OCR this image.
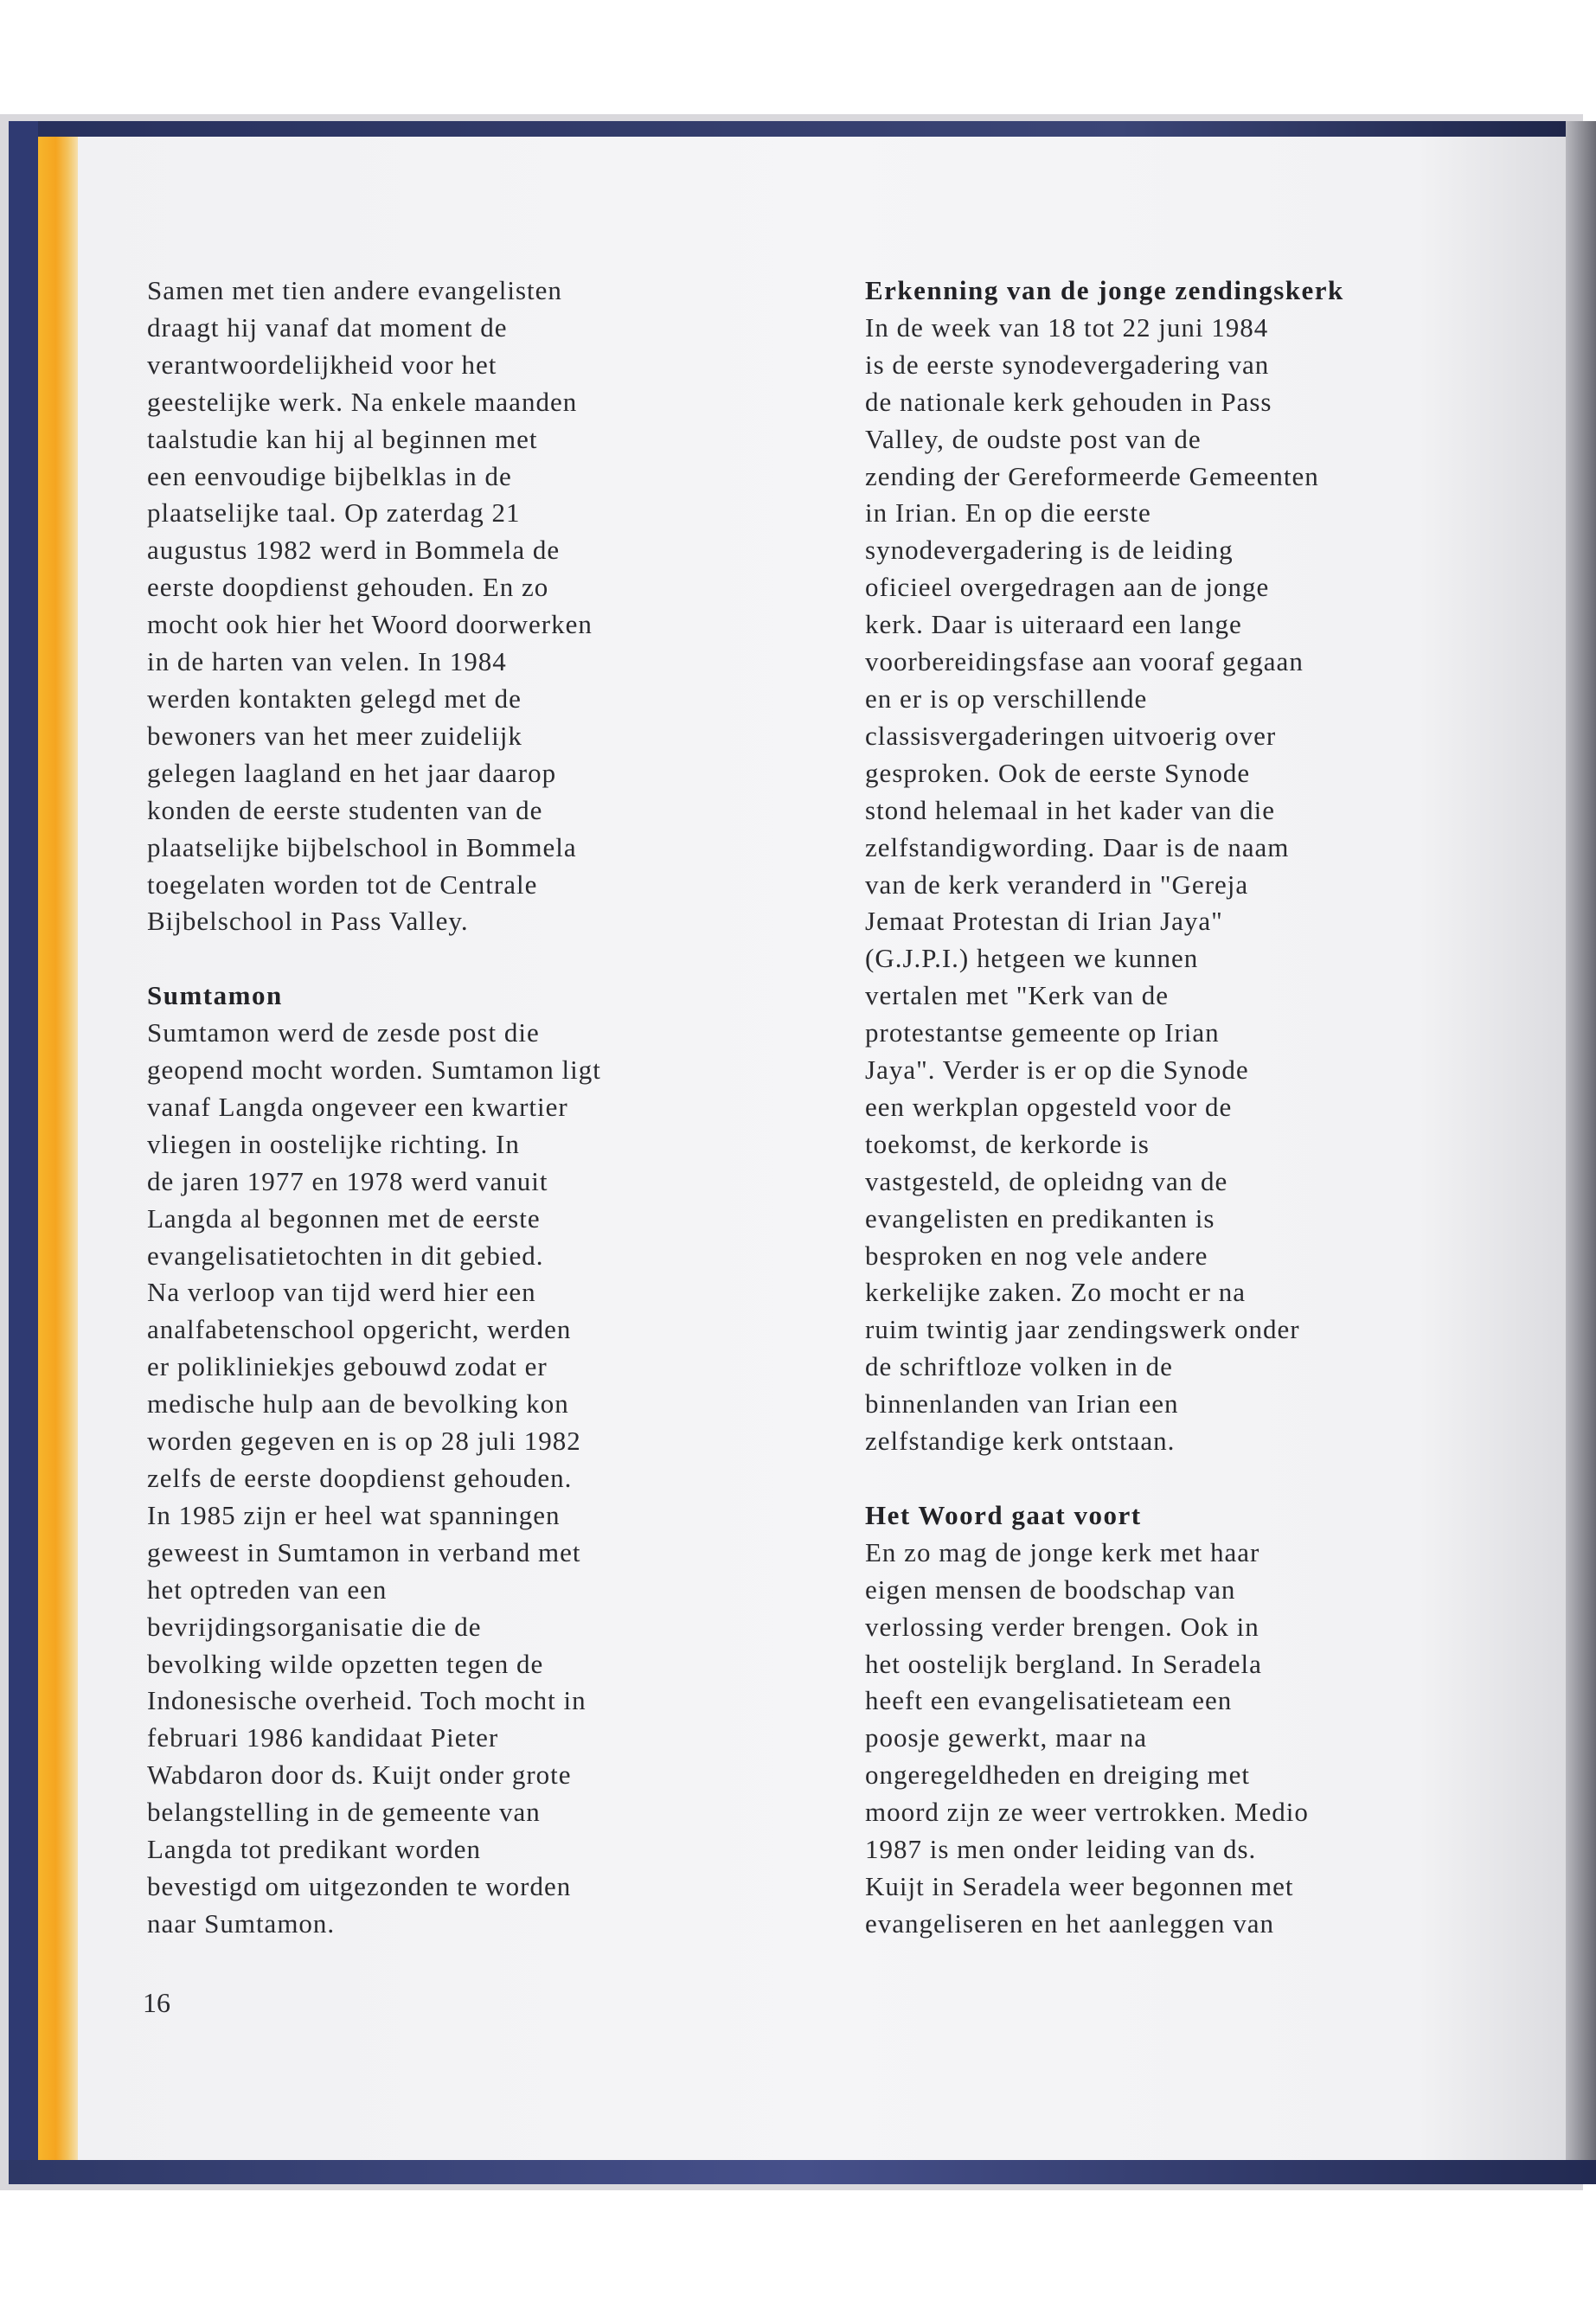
Samen met tien andere evangelisten
draagt hij vanaf dat moment de
verantwoordelijkheid voor het
geestelijke werk. Na enkele maanden
taalstudie kan hij al beginnen met
een eenvoudige bijbelklas in de
plaatselijke taal. Op zaterdag 21
augustus 1982 werd in Bommela de
eerste doopdienst gehouden. En zo
mocht ook hier het Woord doorwerken
in de harten van velen. In 1984
werden kontakten gelegd met de
bewoners van het meer zuidelijk
gelegen laagland en het jaar daarop
konden de eerste studenten van de
plaatselijke bijbelschool in Bommela
toegelaten worden tot de Centrale
Bijbelschool in Pass Valley.

Sumtamon

Sumtamon werd de zesde post die
geopend mocht worden. Sumtamon ligt
vanaf Langda ongeveer een kwartier
vliegen in oostelijke richting. In
de jaren 1977 en 1978 werd vanuit
Langda al begonnen met de eerste
evangelisatietochten in dit gebied.
Na verloop van tijd werd hier een
analfabetenschool opgericht, werden
er polikliniekjes gebouwd zodat er
medische hulp aan de bevolking kon
worden gegeven en is op 28 juli 1982
zelfs de eerste doopdienst gehouden.
In 1985 zijn er heel wat spanningen
geweest in Sumtamon in verband met
het optreden van een
bevrijdingsorganisatie die de
bevolking wilde opzetten tegen de
Indonesische overheid. Toch mocht in
februari 1986 kandidaat Pieter
Wabdaron door ds. Kuijt onder grote
belangstelling in de gemeente van
Langda tot predikant worden
bevestigd om uitgezonden te worden
naar Sumtamon.

Erkenning van de jonge zendingskerk

In de week van 18 tot 22 juni 1984
is de eerste synodevergadering van
de nationale kerk gehouden in Pass
Valley, de oudste post van de
zending der Gereformeerde Gemeenten
in Irian. En op die eerste
synodevergadering is de leiding
oficieel overgedragen aan de jonge
kerk. Daar is uiteraard een lange
voorbereidingsfase aan vooraf gegaan
en er is op verschillende
classisvergaderingen uitvoerig over
gesproken. Ook de eerste Synode
stond helemaal in het kader van die
zelfstandigwording. Daar is de naam
van de kerk veranderd in "Gereja
Jemaat Protestan di Irian Jaya"
(G.J.P.I.) hetgeen we kunnen
vertalen met "Kerk van de
protestantse gemeente op Irian
Jaya". Verder is er op die Synode
een werkplan opgesteld voor de
toekomst, de kerkorde is
vastgesteld, de opleidng van de
evangelisten en predikanten is
besproken en nog vele andere
kerkelijke zaken. Zo mocht er na
ruim twintig jaar zendingswerk onder
de schriftloze volken in de
binnenlanden van Irian een
zelfstandige kerk ontstaan.

Het Woord gaat voort

En zo mag de jonge kerk met haar
eigen mensen de boodschap van
verlossing verder brengen. Ook in
het oostelijk bergland. In Seradela
heeft een evangelisatieteam een
poosje gewerkt, maar na
ongeregeldheden en dreiging met
moord zijn ze weer vertrokken. Medio
1987 is men onder leiding van ds.
Kuijt in Seradela weer begonnen met
evangeliseren en het aanleggen van

16
